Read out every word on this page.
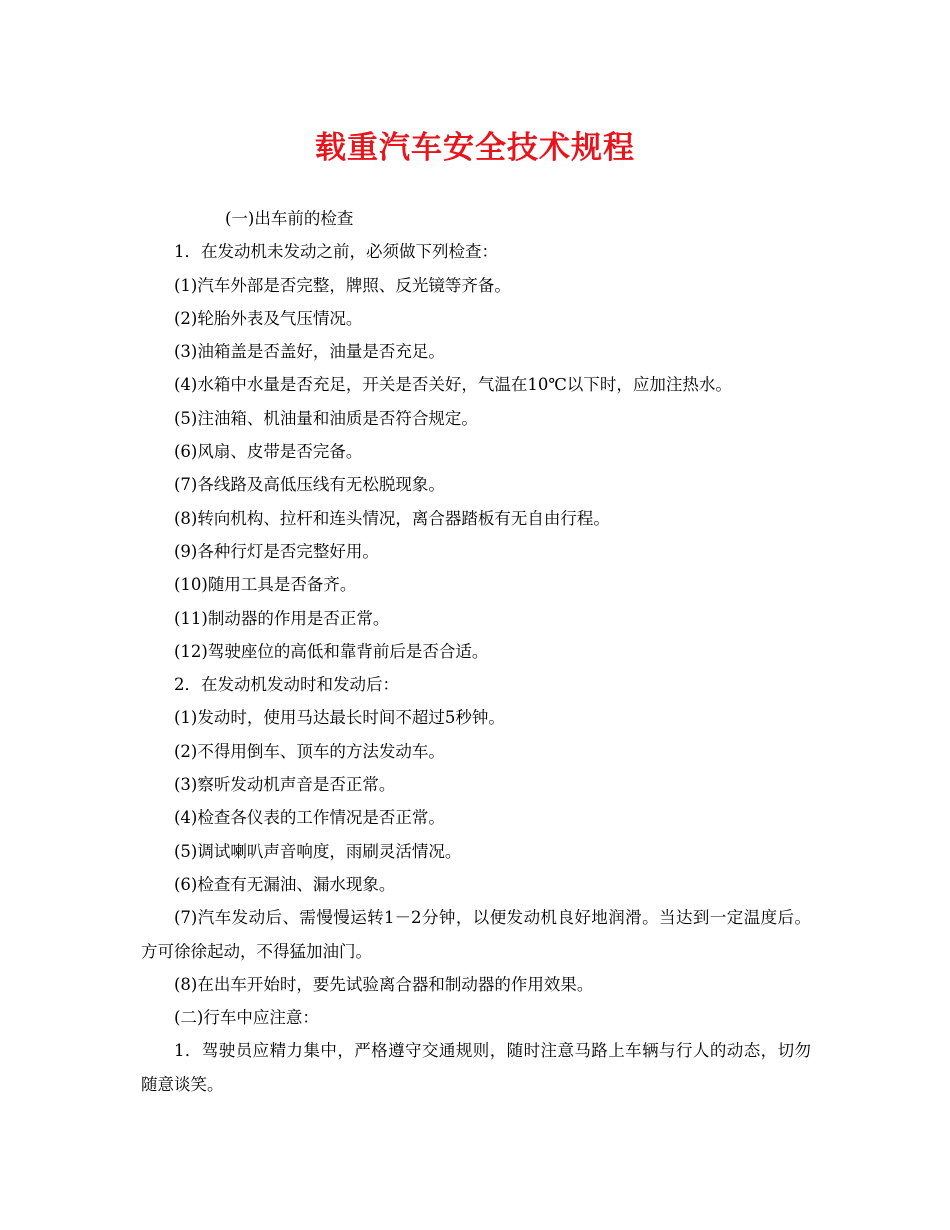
载重汽车安全技术规程

(一)出车前的检查

1．在发动机未发动之前，必须做下列检查：

(1)汽车外部是否完整，牌照、反光镜等齐备。

(2)轮胎外表及气压情况。

(3)油箱盖是否盖好，油量是否充足。

(4)水箱中水量是否充足，开关是否关好，气温在10℃以下时，应加注热水。

(5)注油箱、机油量和油质是否符合规定。

(6)风扇、皮带是否完备。

(7)各线路及高低压线有无松脱现象。

(8)转向机构、拉杆和连头情况，离合器踏板有无自由行程。

(9)各种行灯是否完整好用。

(10)随用工具是否备齐。

(11)制动器的作用是否正常。

(12)驾驶座位的高低和靠背前后是否合适。

2．在发动机发动时和发动后：

(1)发动时，使用马达最长时间不超过5秒钟。

(2)不得用倒车、顶车的方法发动车。

(3)察听发动机声音是否正常。

(4)检查各仪表的工作情况是否正常。

(5)调试喇叭声音响度，雨刷灵活情况。

(6)检查有无漏油、漏水现象。

(7)汽车发动后、需慢慢运转1－2分钟，以便发动机良好地润滑。当达到一定温度后。方可徐徐起动，不得猛加油门。

(8)在出车开始时，要先试验离合器和制动器的作用效果。

(二)行车中应注意：

1．驾驶员应精力集中，严格遵守交通规则，随时注意马路上车辆与行人的动态，切勿随意谈笑。
